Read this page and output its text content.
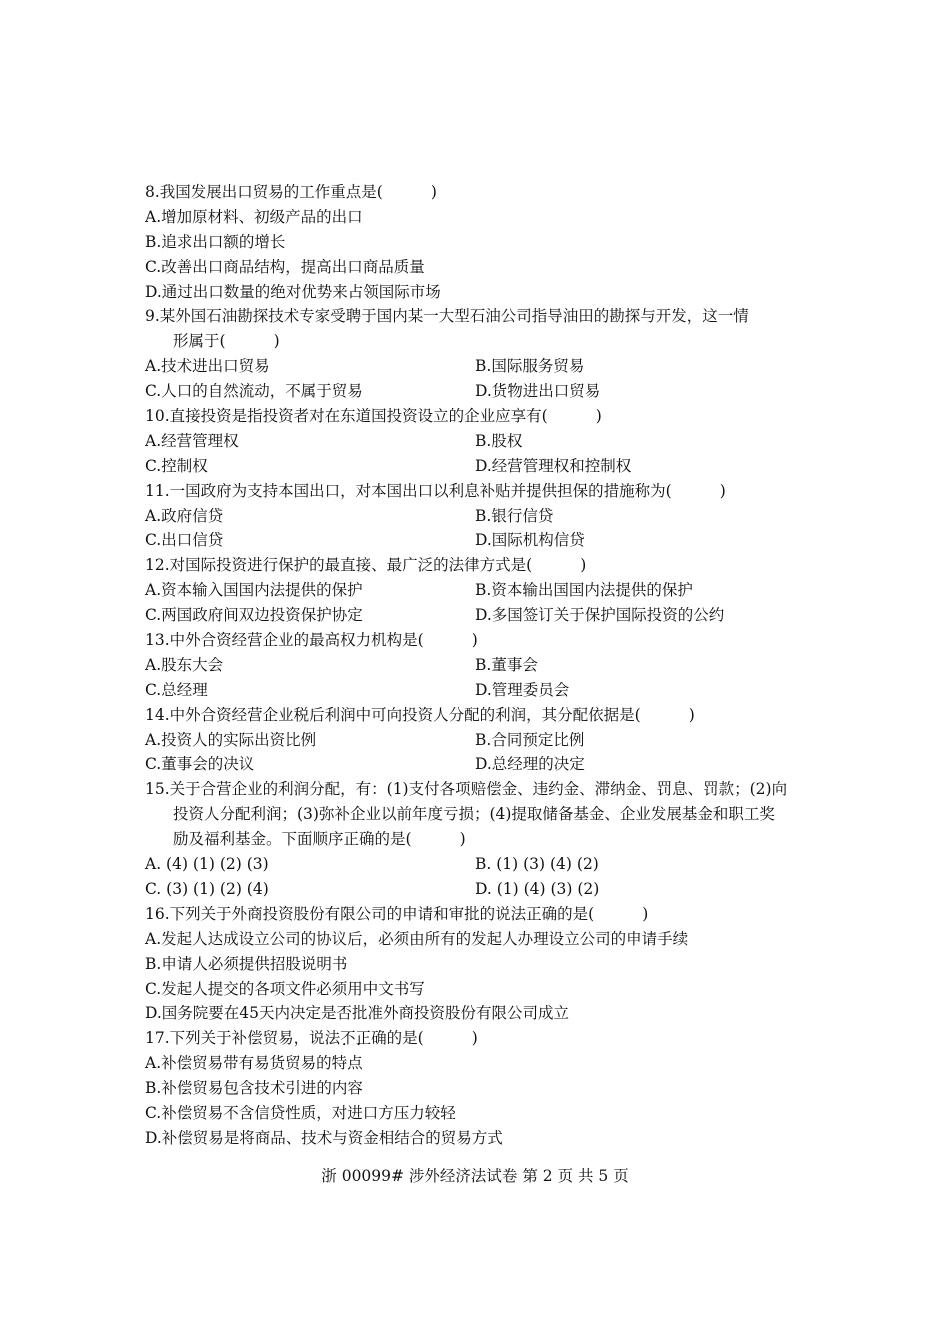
8.我国发展出口贸易的工作重点是(	)
A.增加原材料、初级产品的出口
B.追求出口额的增长
C.改善出口商品结构，提高出口商品质量
D.通过出口数量的绝对优势来占领国际市场
9.某外国石油勘探技术专家受聘于国内某一大型石油公司指导油田的勘探与开发，这一情
形属于(	)
A.技术进出口贸易	B.国际服务贸易
C.人口的自然流动，不属于贸易	D.货物进出口贸易
10.直接投资是指投资者对在东道国投资设立的企业应享有(	)
A.经营管理权	B.股权
C.控制权	D.经营管理权和控制权
11.一国政府为支持本国出口，对本国出口以利息补贴并提供担保的措施称为(	)
A.政府信贷	B.银行信贷
C.出口信贷	D.国际机构信贷
12.对国际投资进行保护的最直接、最广泛的法律方式是(	)
A.资本输入国国内法提供的保护	B.资本输出国国内法提供的保护
C.两国政府间双边投资保护协定	D.多国签订关于保护国际投资的公约
13.中外合资经营企业的最高权力机构是(	)
A.股东大会	B.董事会
C.总经理	D.管理委员会
14.中外合资经营企业税后利润中可向投资人分配的利润，其分配依据是(	)
A.投资人的实际出资比例	B.合同预定比例
C.董事会的决议	D.总经理的决定
15.关于合营企业的利润分配，有：(1)支付各项赔偿金、违约金、滞纳金、罚息、罚款；(2)向
投资人分配利润；(3)弥补企业以前年度亏损；(4)提取储备基金、企业发展基金和职工奖
励及福利基金。下面顺序正确的是(	)
A. (4) (1) (2) (3)	B. (1) (3) (4) (2)
C. (3) (1) (2) (4)	D. (1) (4) (3) (2)
16.下列关于外商投资股份有限公司的申请和审批的说法正确的是(	)
A.发起人达成设立公司的协议后，必须由所有的发起人办理设立公司的申请手续
B.申请人必须提供招股说明书
C.发起人提交的各项文件必须用中文书写
D.国务院要在45天内决定是否批准外商投资股份有限公司成立
17.下列关于补偿贸易，说法不正确 • •的是(	)
A.补偿贸易带有易货贸易的特点
B.补偿贸易包含技术引进的内容
C.补偿贸易不含信贷性质，对进口方压力较轻
D.补偿贸易是将商品、技术与资金相结合的贸易方式
浙 00099# 涉外经济法试卷 第 2 页 共 5 页
